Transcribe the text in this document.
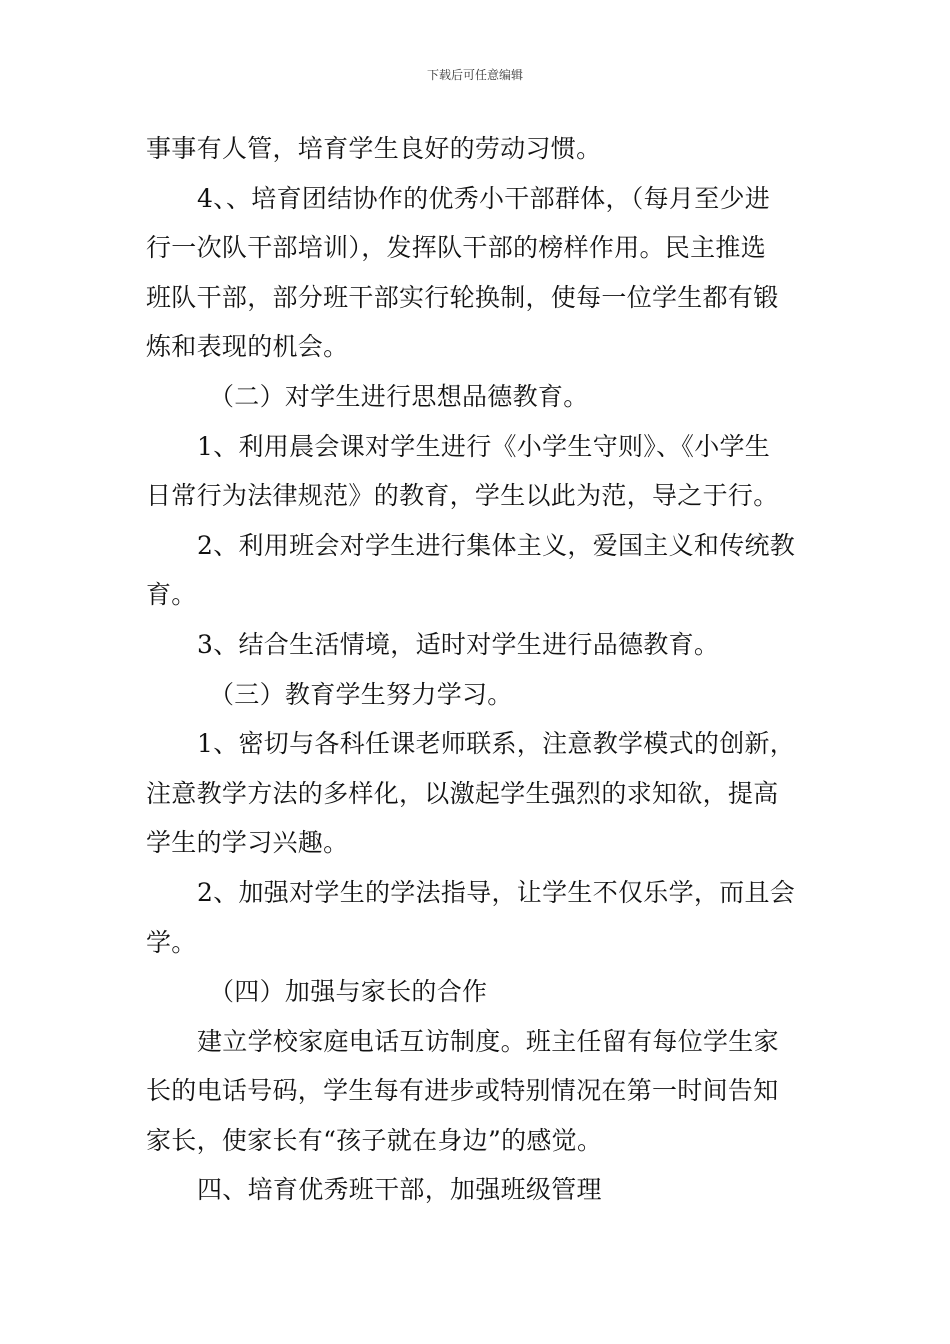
下载后可任意编辑
事事有人管，培育学生良好的劳动习惯。
4、、培育团结协作的优秀小干部群体，（每月至少进
行一次队干部培训），发挥队干部的榜样作用。民主推选
班队干部，部分班干部实行轮换制，使每一位学生都有锻
炼和表现的机会。
（二）对学生进行思想品德教育。
1、利用晨会课对学生进行《小学生守则》、《小学生
日常行为法律规范》的教育，学生以此为范，导之于行。
2、利用班会对学生进行集体主义，爱国主义和传统教
育。
3、结合生活情境，适时对学生进行品德教育。
（三）教育学生努力学习。
1、密切与各科任课老师联系，注意教学模式的创新，
注意教学方法的多样化，以激起学生强烈的求知欲，提高
学生的学习兴趣。
2、加强对学生的学法指导，让学生不仅乐学，而且会
学。
（四）加强与家长的合作
建立学校家庭电话互访制度。班主任留有每位学生家
长的电话号码，学生每有进步或特别情况在第一时间告知
家长，使家长有“孩子就在身边”的感觉。
四、培育优秀班干部，加强班级管理
